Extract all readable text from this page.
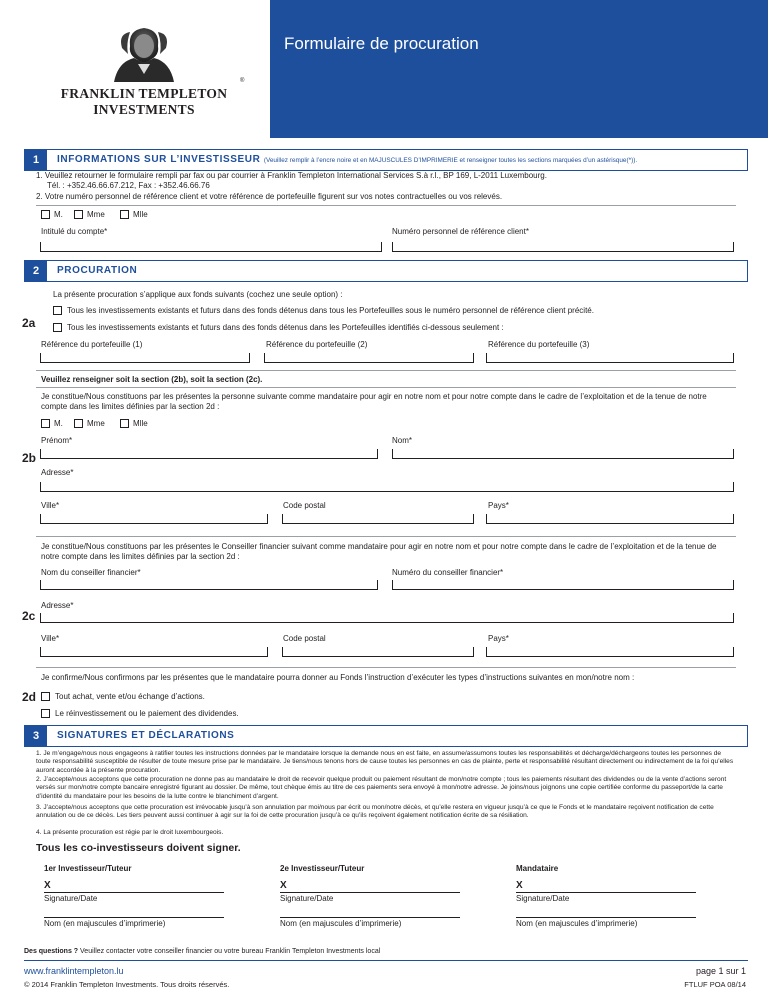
Formulaire de procuration
FRANKLIN TEMPLETON
INVESTMENTS
®
1	INFORMATIONS SUR L’INVESTISSEUR (Veuillez remplir à l’encre noire et en MAJUSCULES D’IMPRIMERIE et renseigner toutes les sections marquées d’un astérisque(*)).
1. Veuillez retourner le formulaire rempli par fax ou par courrier à Franklin Templeton International Services S.à r.l., BP 169, L-2011 Luxembourg.
Tél. : +352.46.66.67.212, Fax : +352.46.66.76
2. Votre numéro personnel de référence client et votre référence de portefeuille figurent sur vos notes contractuelles ou vos relevés.
M.	Mme	Mlle
Intitulé du compte*	Numéro personnel de référence client*
2	PROCURATION
La présente procuration s’applique aux fonds suivants (cochez une seule option) :
Tous les investissements existants et futurs dans des fonds détenus dans tous les Portefeuilles sous le numéro personnel de référence client précité.
2a	Tous les investissements existants et futurs dans des fonds détenus dans les Portefeuilles identifiés ci-dessous seulement :
Référence du portefeuille (1)	Référence du portefeuille (2)	Référence du portefeuille (3)
Veuillez renseigner soit la section (2b), soit la section (2c).
Je constitue/Nous constituons par les présentes la personne suivante comme mandataire pour agir en notre nom et pour notre compte dans le cadre de l’exploitation et de la tenue de notre compte dans les limites définies par la section 2d :
M.	Mme	Mlle
Prénom*	Nom*
2b
Adresse*
Ville*	Code postal	Pays*
Je constitue/Nous constituons par les présentes le Conseiller financier suivant comme mandataire pour agir en notre nom et pour notre compte dans le cadre de l’exploitation et de la tenue de notre compte dans les limites définies par la section 2d :
Nom du conseiller financier*	Numéro du conseiller financier*
Adresse*
2c
Ville*	Code postal	Pays*
Je confirme/Nous confirmons par les présentes que le mandataire pourra donner au Fonds l’instruction d’exécuter les types d’instructions suivantes en mon/notre nom :
2d Tout achat, vente et/ou échange d’actions.
Le réinvestissement ou le paiement des dividendes.
3	SIGNATURES ET DÉCLARATIONS
1. Je m’engage/nous nous engageons à ratifier toutes les instructions données par le mandataire lorsque la demande nous en est faite, en assume/assumons toutes les responsabilités et décharge/déchargeons toutes les personnes de toute responsabilité susceptible de résulter de toute mesure prise par le mandataire. Je tiens/nous tenons hors de cause toutes les personnes en cas de plainte, perte et responsabilité résultant directement ou indirectement de la foi qu’elles auront accordée à la présente procuration.
2. J’accepte/nous acceptons que cette procuration ne donne pas au mandataire le droit de recevoir quelque produit ou paiement résultant de mon/notre compte ; tous les paiements résultant des dividendes ou de la vente d’actions seront versés sur mon/notre compte bancaire enregistré figurant au dossier. De même, tout chèque émis au titre de ces paiements sera envoyé à mon/notre adresse. Je joins/nous joignons une copie certifiée conforme du passeport/de la carte d’identité du mandataire pour les besoins de la lutte contre le blanchiment d’argent.
3. J’accepte/nous acceptons que cette procuration est irrévocable jusqu’à son annulation par moi/nous par écrit ou mon/notre décès, et qu’elle restera en vigueur jusqu’à ce que le Fonds et le mandataire reçoivent notification de cette annulation ou de ce décès. Les tiers peuvent aussi continuer à agir sur la foi de cette procuration jusqu’à ce qu’ils reçoivent également notification écrite de sa résiliation.
4. La présente procuration est régie par le droit luxembourgeois.
Tous les co-investisseurs doivent signer.
1er Investisseur/Tuteur	2e Investisseur/Tuteur	Mandataire
X	X	X
Signature/Date	Signature/Date	Signature/Date
Nom (en majuscules d’imprimerie)	Nom (en majuscules d’imprimerie)	Nom (en majuscules d’imprimerie)
Des questions ? Veuillez contacter votre conseiller financier ou votre bureau Franklin Templeton Investments local
www.franklintempleton.lu
© 2014 Franklin Templeton Investments. Tous droits réservés.
page 1 sur 1
FTLUF POA 08/14
